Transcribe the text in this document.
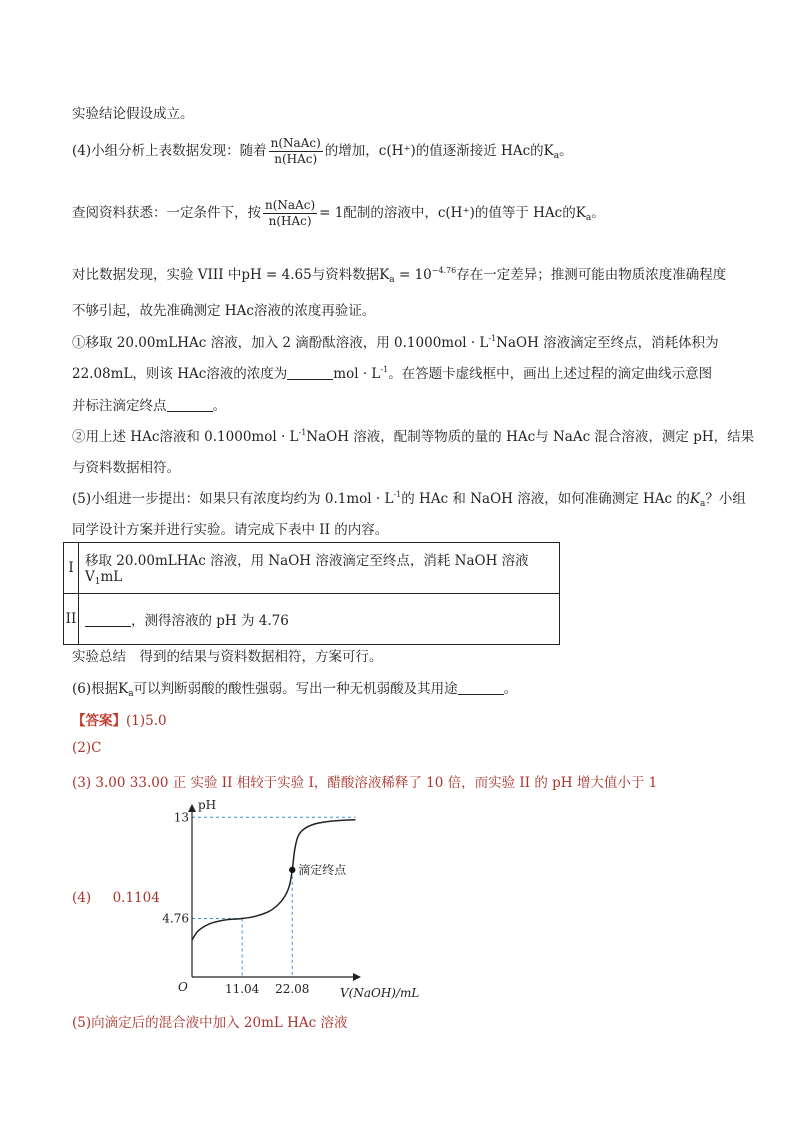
实验结论假设成立。
(4)小组分析上表数据发现：随着 $\frac{\text{n(NaAc)}}{\text{n(HAc)}}$ 的增加，c(H⁺)的值逐渐接近 HAc的$K_a$。
查阅资料获悉：一定条件下，按 $\frac{\text{n(NaAc)}}{\text{n(HAc)}} = 1$配制的溶液中，c(H⁺)的值等于 HAc的$K_a$。
对比数据发现，实验 VIII 中pH = 4.65与资料数据$K_a = 10^{-4.76}$存在一定差异；推测可能由物质浓度准确程度
不够引起，故先准确测定 HAc溶液的浓度再验证。
①移取 20.00mLHAc 溶液，加入 2 滴酚酞溶液，用 $0.1000mol \cdot L^{-1}NaOH$ 溶液滴定至终点，消耗体积为
22.08mL，则该 HAc溶液的浓度为	mol · $L^{-1}$。在答题卡虚线框中，画出上述过程的滴定曲线示意图
并标注滴定终点	。
②用上述 HAc溶液和 $0.1000mol \cdot L^{-1}NaOH$ 溶液，配制等物质的量的 HAc与 NaAc 混合溶液，测定 pH，结果
与资料数据相符。
(5)小组进一步提出：如果只有浓度均约为 $0.1mol \cdot L^{-1}$的 HAc 和 NaOH 溶液，如何准确测定 HAc 的$K_a$？小组
同学设计方案并进行实验。请完成下表中 II 的内容。
I	移取 20.00mLHAc 溶液，用 NaOH 溶液滴定至终点，消耗 NaOH 溶液 $V_1mL$
II	，测得溶液的 pH 为 4.76
实验总结　得到的结果与资料数据相符，方案可行。
(6)根据$K_a$可以判断弱酸的酸性强弱。写出一种无机弱酸及其用途	。
【答案】(1)5.0
(2)C
(3) 3.00 33.00 正 实验 II 相较于实验 I，醋酸溶液稀释了 10 倍，而实验 II 的 pH 增大值小于 1
(4)     0.1104
滴定终点
pH
V(NaOH)/mL
O	11.04 22.08
4.76
13
(5)向滴定后的混合液中加入 20mL HAc 溶液
